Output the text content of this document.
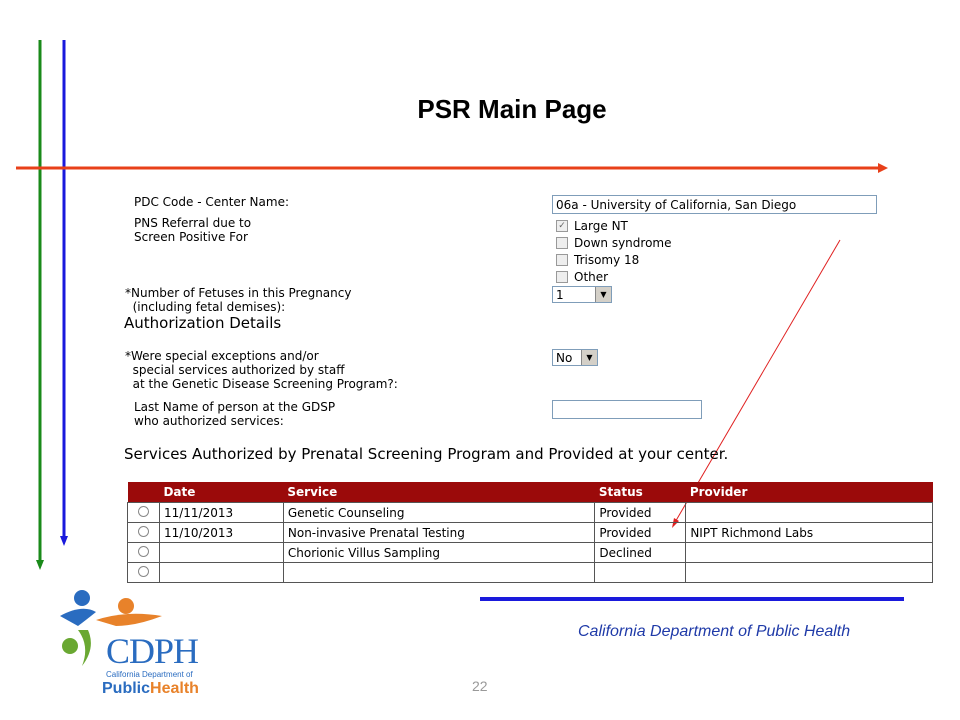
PSR Main Page
PDC Code - Center Name:	06a - University of California, San Diego
PNS Referral due to
Screen Positive For
✓ Large NT
Down syndrome
Trisomy 18
Other
*Number of Fetuses in this Pregnancy
(including fetal demises):
1	▼
Authorization Details
*Were special exceptions and/or
special services authorized by staff
at the Genetic Disease Screening Program?:
No	▼
Last Name of person at the GDSP
who authorized services:
Services Authorized by Prenatal Screening Program and Provided at your center.
	Date	Service	Status	Provider
	11/11/2013	Genetic Counseling	Provided	
	11/10/2013	Non-invasive Prenatal Testing	Provided	NIPT Richmond Labs
		Chorionic Villus Sampling	Declined	

CDPH
California Department of
PublicHealth
California Department of Public Health
22
